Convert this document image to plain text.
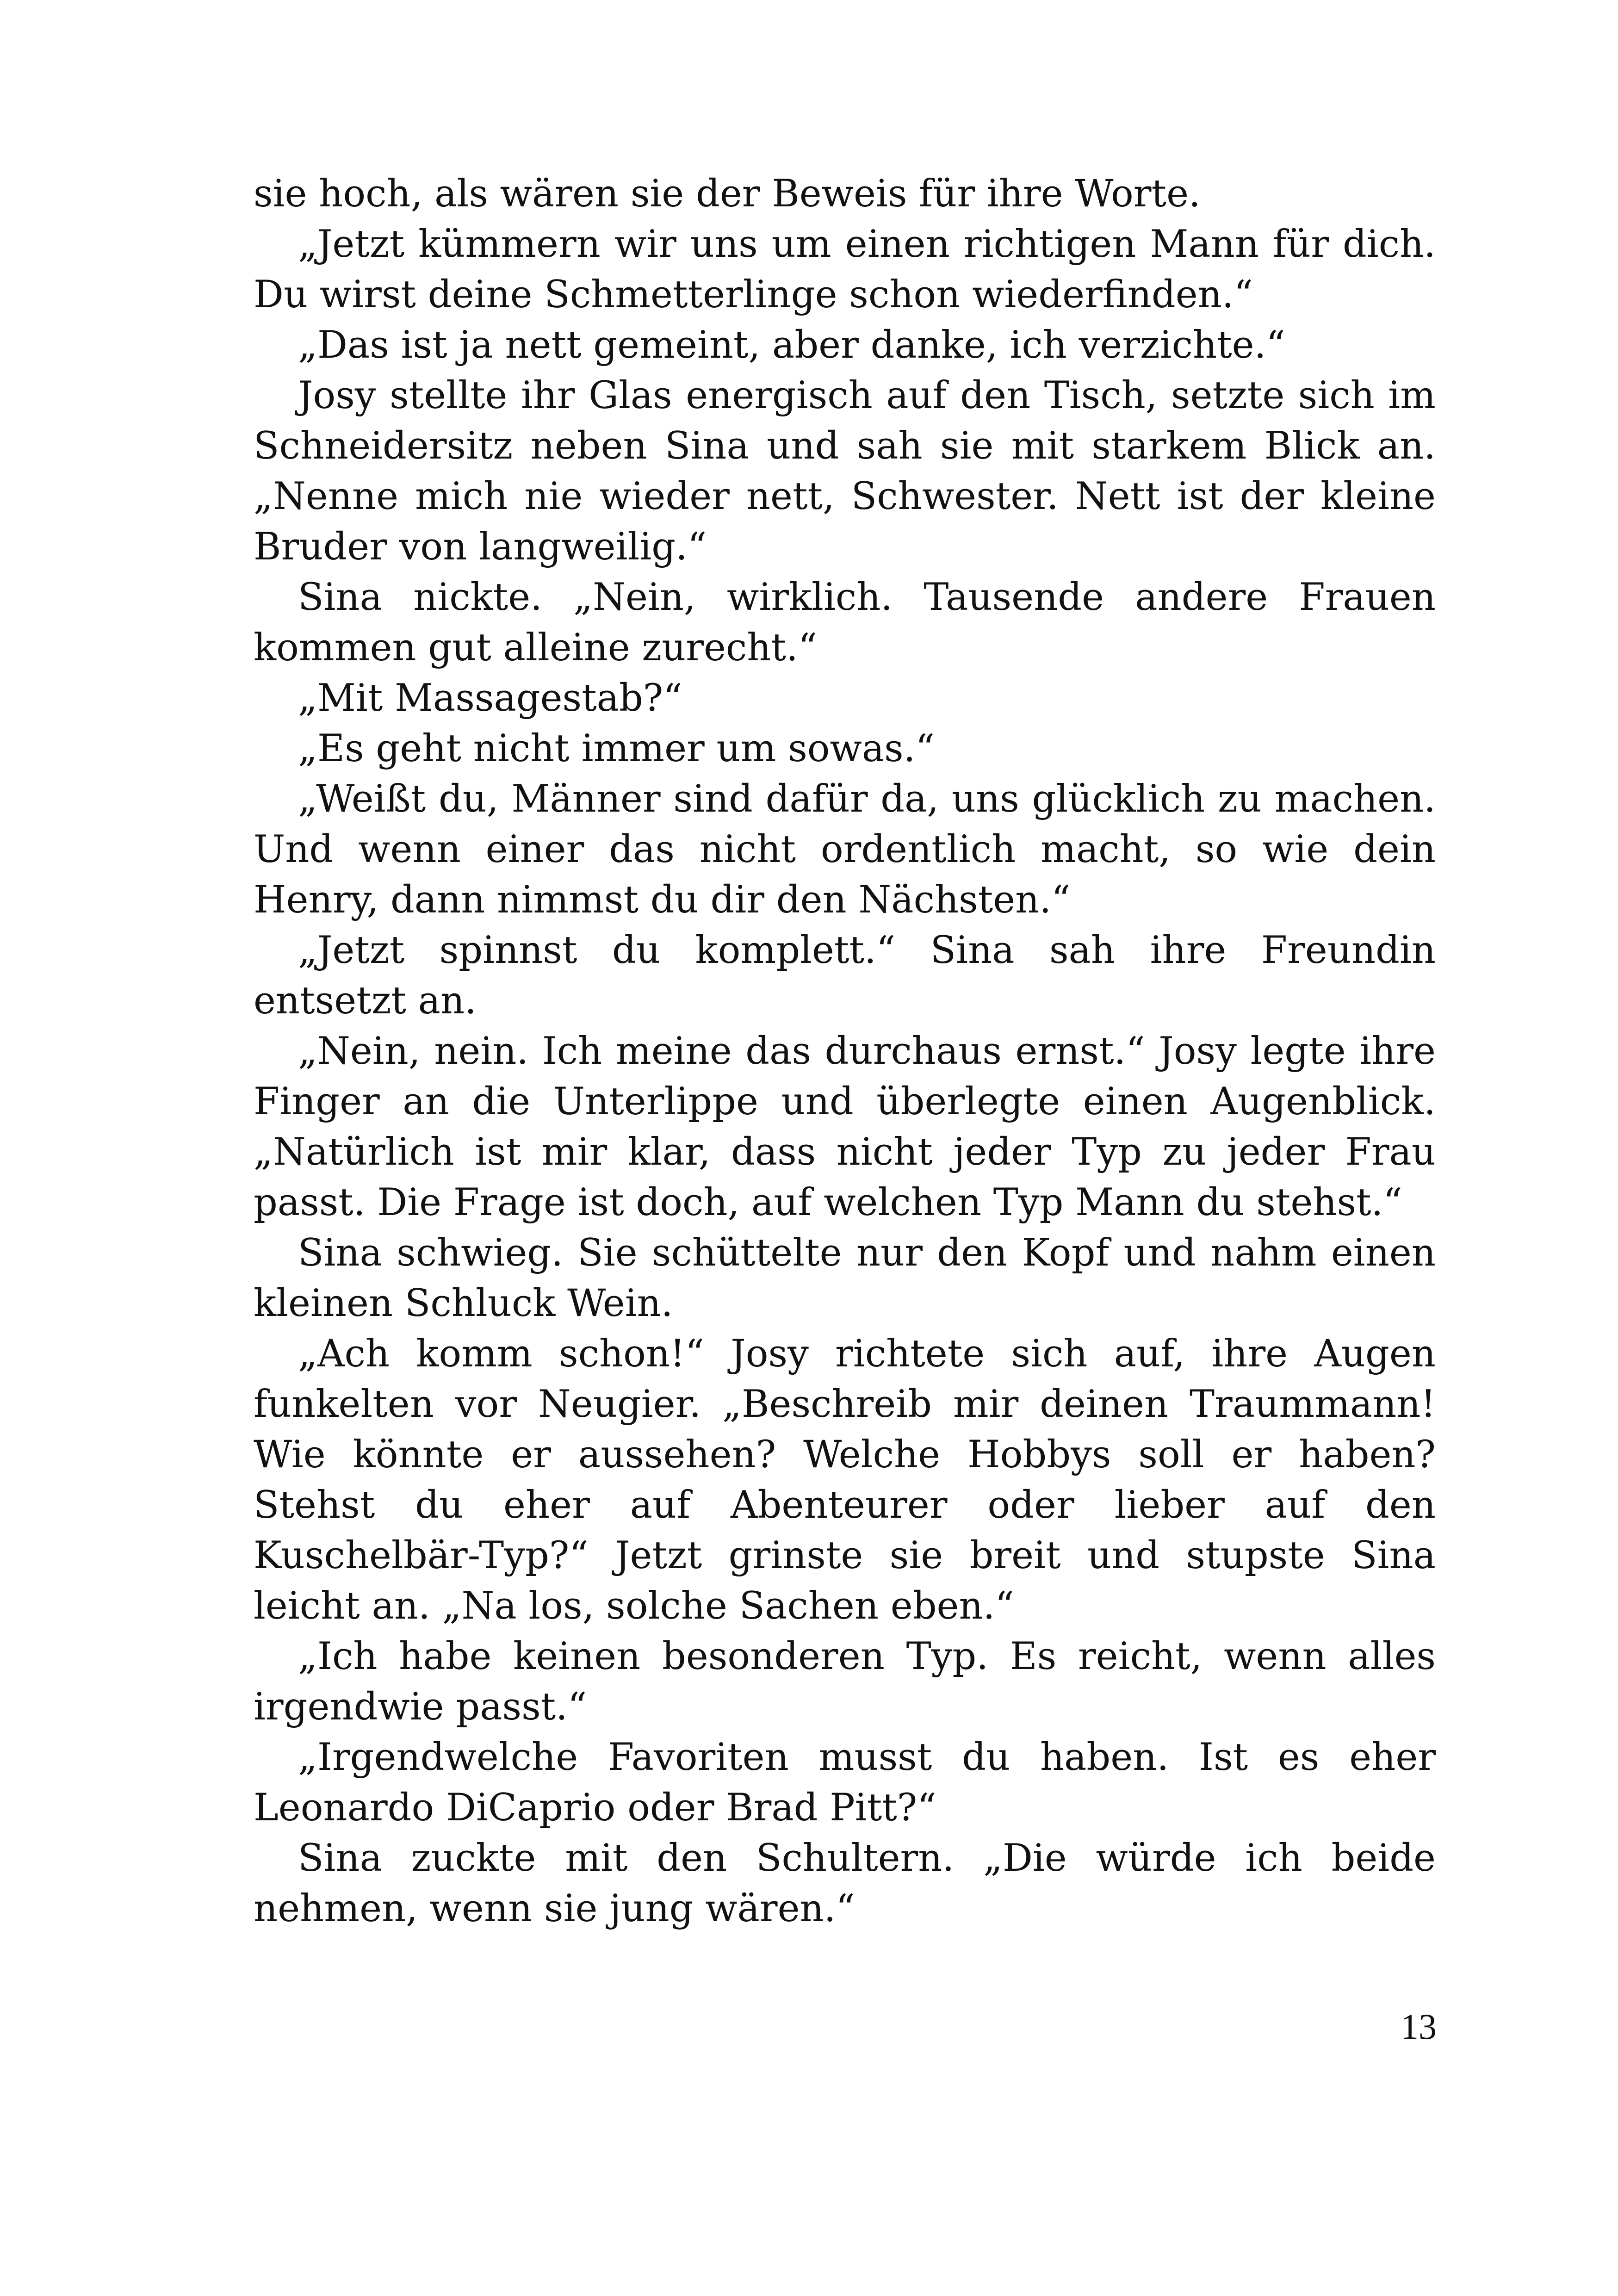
sie hoch, als wären sie der Beweis für ihre Worte.

„Jetzt kümmern wir uns um einen richtigen Mann für dich. Du wirst deine Schmetterlinge schon wiederfinden.“

„Das ist ja nett gemeint, aber danke, ich verzichte.“

Josy stellte ihr Glas energisch auf den Tisch, setzte sich im Schneidersitz neben Sina und sah sie mit starkem Blick an. „Nenne mich nie wieder nett, Schwester. Nett ist der kleine Bruder von langweilig.“

Sina nickte. „Nein, wirklich. Tausende andere Frauen kommen gut alleine zurecht.“

„Mit Massagestab?“

„Es geht nicht immer um sowas.“

„Weißt du, Männer sind dafür da, uns glücklich zu machen. Und wenn einer das nicht ordentlich macht, so wie dein Henry, dann nimmst du dir den Nächsten.“

„Jetzt spinnst du komplett.“ Sina sah ihre Freundin entsetzt an.

„Nein, nein. Ich meine das durchaus ernst.“ Josy legte ihre Finger an die Unterlippe und überlegte einen Augenblick. „Natürlich ist mir klar, dass nicht jeder Typ zu jeder Frau passt. Die Frage ist doch, auf welchen Typ Mann du stehst.“

Sina schwieg. Sie schüttelte nur den Kopf und nahm einen kleinen Schluck Wein.

„Ach komm schon!“ Josy richtete sich auf, ihre Augen funkelten vor Neugier. „Beschreib mir deinen Traummann! Wie könnte er aussehen? Welche Hobbys soll er haben? Stehst du eher auf Abenteurer oder lieber auf den Kuschelbär-Typ?“ Jetzt grinste sie breit und stupste Sina leicht an. „Na los, solche Sachen eben.“

„Ich habe keinen besonderen Typ. Es reicht, wenn alles irgendwie passt.“

„Irgendwelche Favoriten musst du haben. Ist es eher Leonardo DiCaprio oder Brad Pitt?“

Sina zuckte mit den Schultern. „Die würde ich beide nehmen, wenn sie jung wären.“

13
